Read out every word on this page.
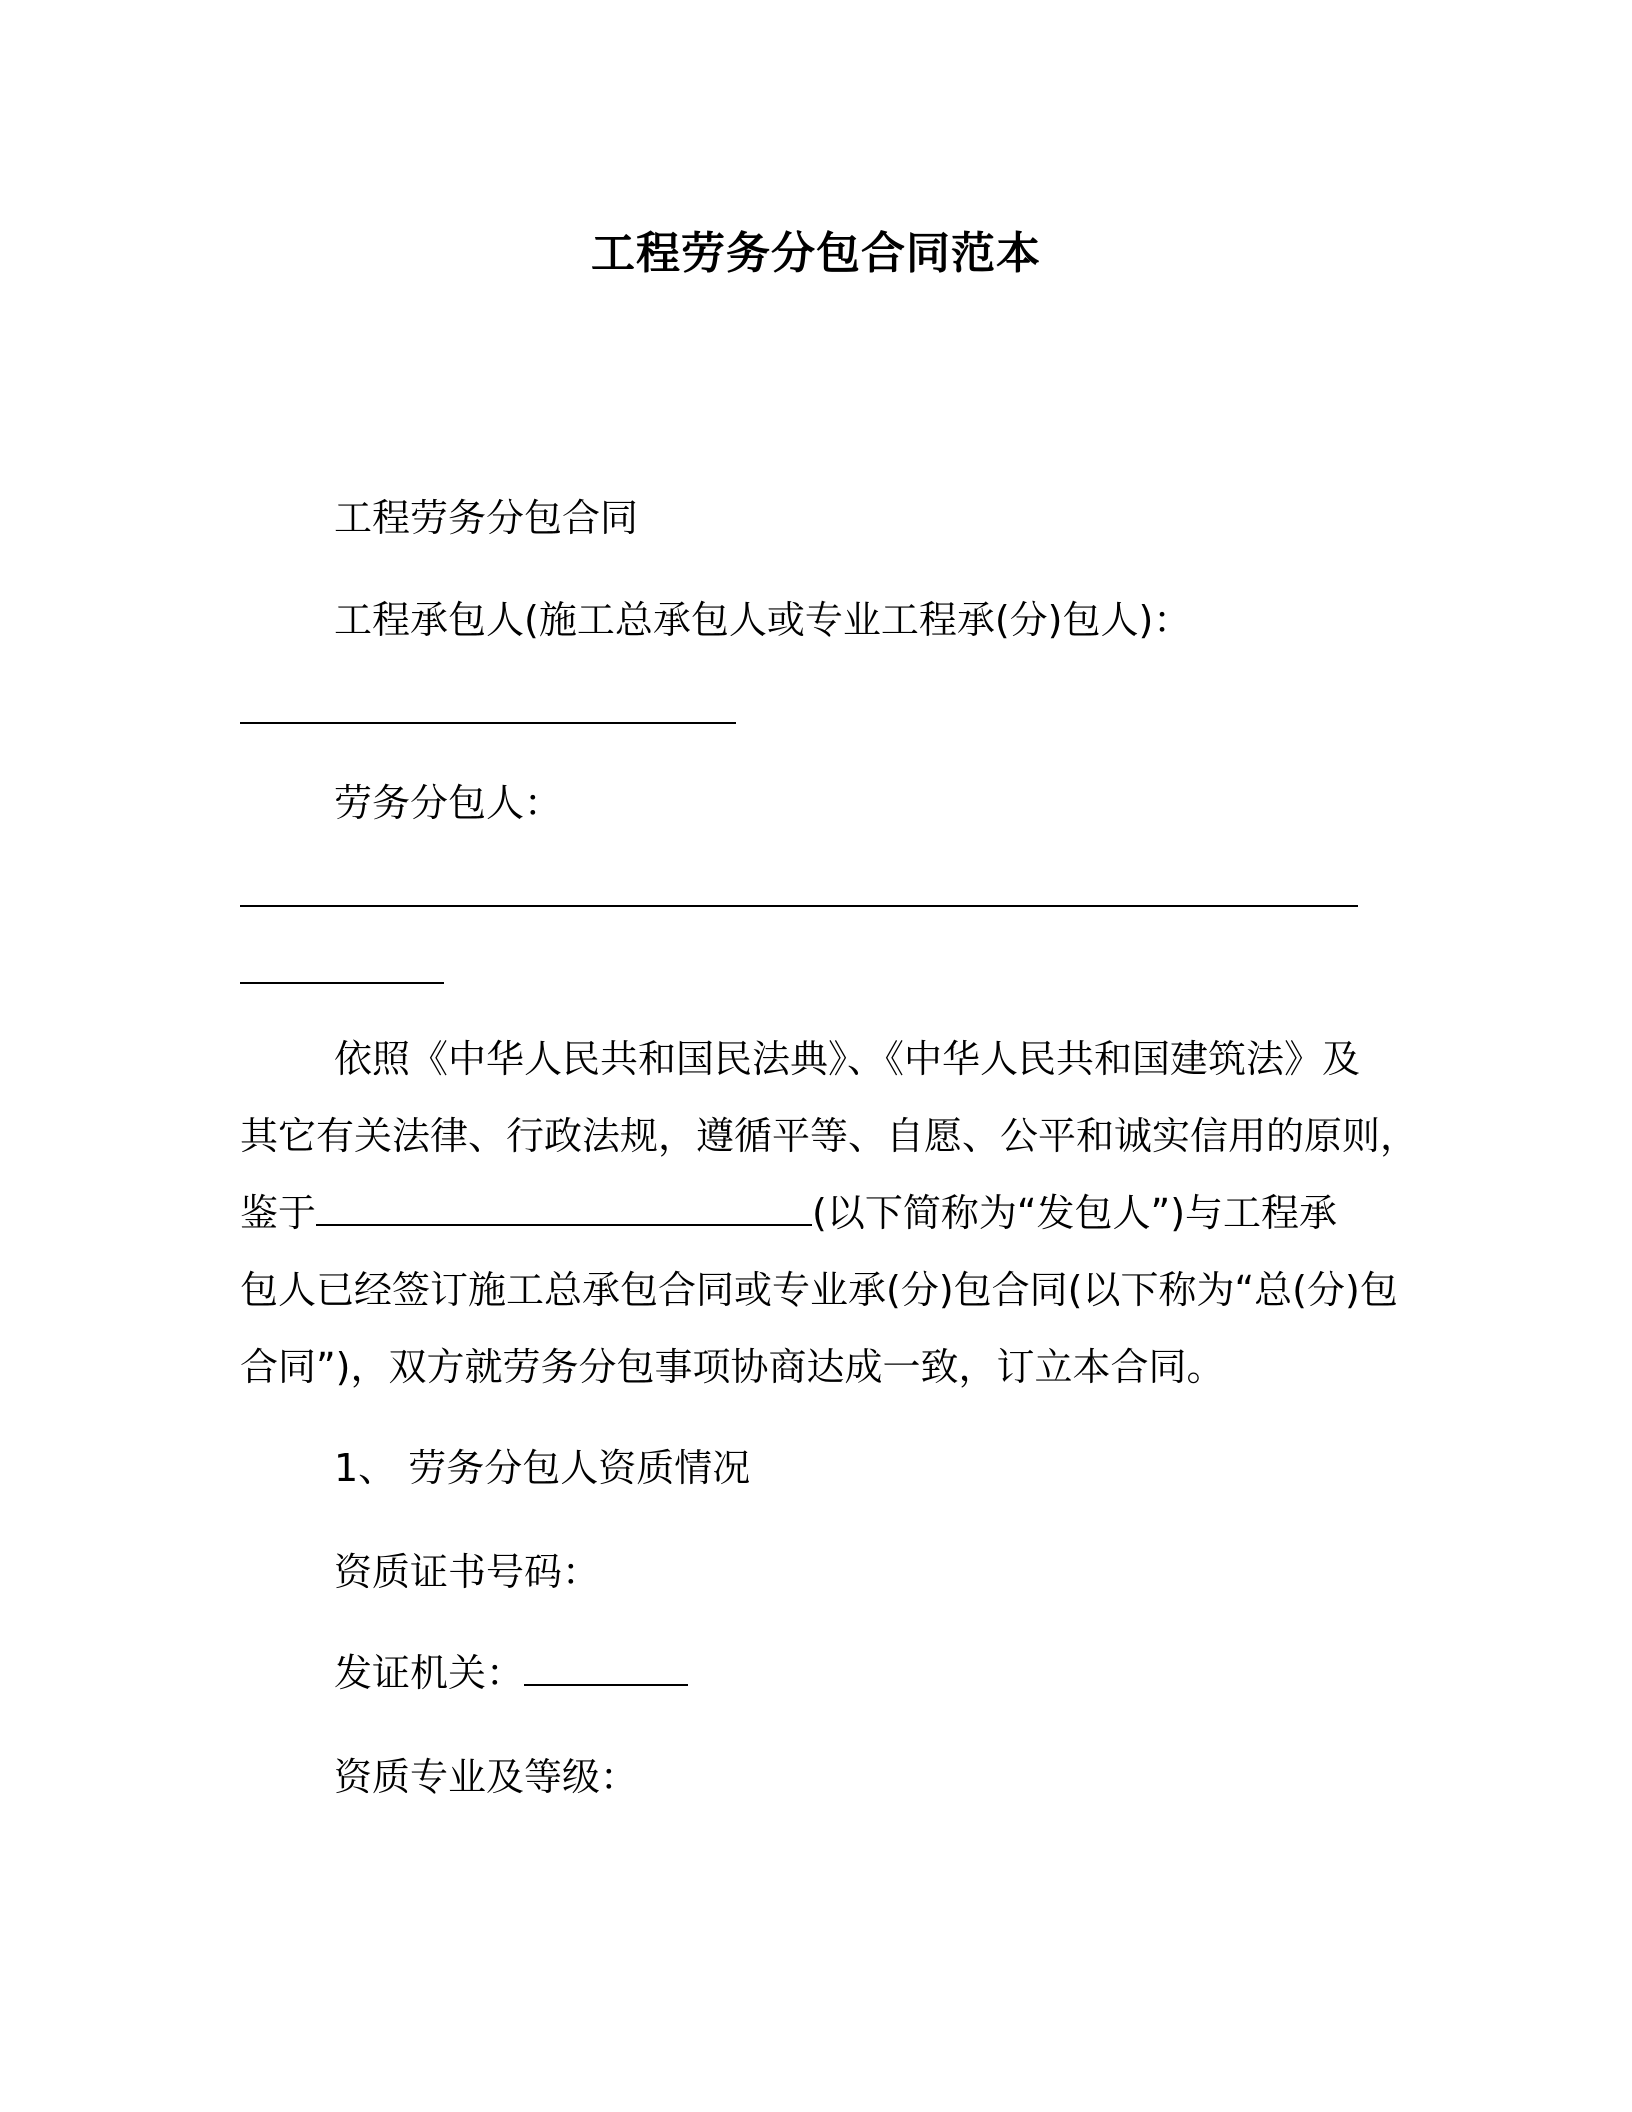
工程劳务分包合同范本
工程劳务分包合同
工程承包人(施工总承包人或专业工程承(分)包人)：
劳务分包人：
依照《中华人民共和国民法典》、《中华人民共和国建筑法》及
其它有关法律、行政法规，遵循平等、自愿、公平和诚实信用的原则，
鉴于	(以下简称为“发包人”)与工程承
包人已经签订施工总承包合同或专业承(分)包合同(以下称为“总(分)包
合同”)，双方就劳务分包事项协商达成一致，订立本合同。
1、 劳务分包人资质情况
资质证书号码：
发证机关：
资质专业及等级：
